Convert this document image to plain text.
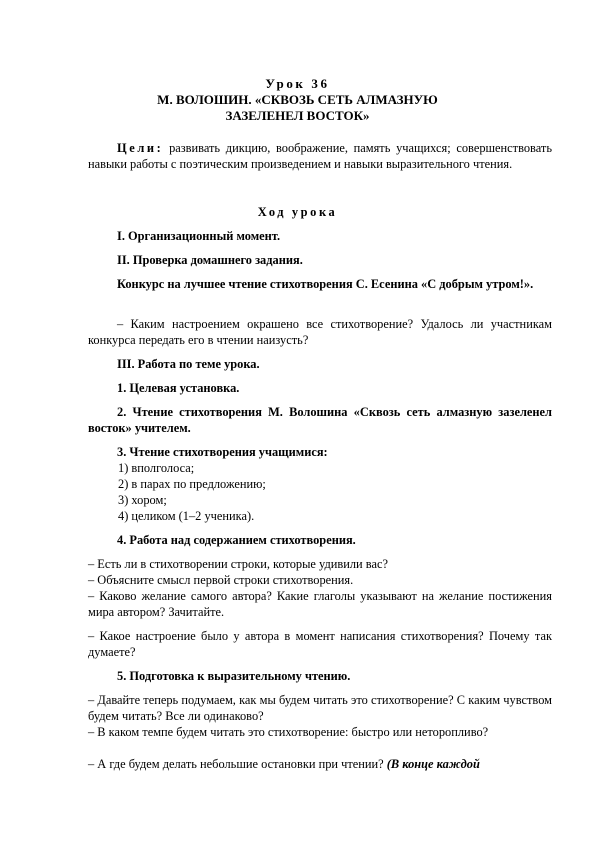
Урок 36
М. ВОЛОШИН. «СКВОЗЬ СЕТЬ АЛМАЗНУЮ
ЗАЗЕЛЕНЕЛ ВОСТОК»
Цели: развивать дикцию, воображение, память учащихся; совершенствовать навыки работы с поэтическим произведением и навыки выразительного чтения.
Ход урока
I. Организационный момент.
II. Проверка домашнего задания.
Конкурс на лучшее чтение стихотворения С. Есенина «С добрым утром!».
– Каким настроением окрашено все стихотворение? Удалось ли участникам конкурса передать его в чтении наизусть?
III. Работа по теме урока.
1. Целевая установка.
2. Чтение стихотворения М. Волошина «Сквозь сеть алмазную зазеленел восток» учителем.
3. Чтение стихотворения учащимися:
1) вполголоса;
2) в парах по предложению;
3) хором;
4) целиком (1–2 ученика).
4. Работа над содержанием стихотворения.
– Есть ли в стихотворении строки, которые удивили вас?
– Объясните смысл первой строки стихотворения.
– Каково желание самого автора? Какие глаголы указывают на желание постижения мира автором? Зачитайте.
– Какое настроение было у автора в момент написания стихотворения? Почему так думаете?
5. Подготовка к выразительному чтению.
– Давайте теперь подумаем, как мы будем читать это стихотворение? С каким чувством будем читать? Все ли одинаково?
– В каком темпе будем читать это стихотворение: быстро или неторопливо?
– А где будем делать небольшие остановки при чтении? (В конце каждой
